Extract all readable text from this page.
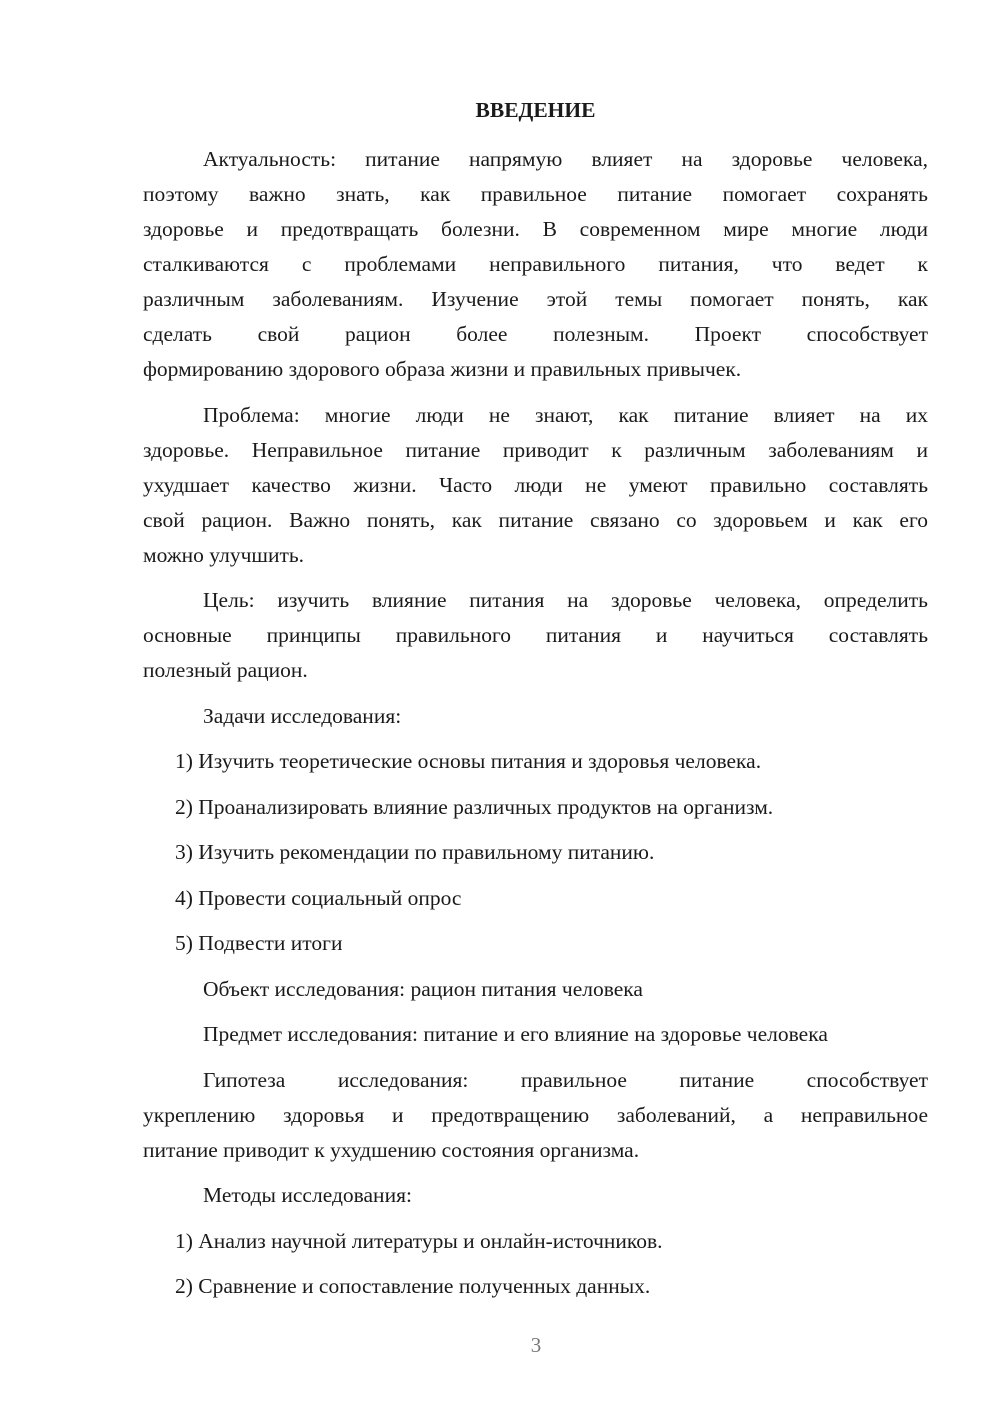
ВВЕДЕНИЕ
Актуальность: питание напрямую влияет на здоровье человека,
поэтому важно знать, как правильное питание помогает сохранять
здоровье и предотвращать болезни. В современном мире многие люди
сталкиваются с проблемами неправильного питания, что ведет к
различным заболеваниям. Изучение этой темы помогает понять, как
сделать свой рацион более полезным. Проект способствует
формированию здорового образа жизни и правильных привычек.
Проблема: многие люди не знают, как питание влияет на их
здоровье. Неправильное питание приводит к различным заболеваниям и
ухудшает качество жизни. Часто люди не умеют правильно составлять
свой рацион. Важно понять, как питание связано со здоровьем и как его
можно улучшить.
Цель: изучить влияние питания на здоровье человека, определить
основные принципы правильного питания и научиться составлять
полезный рацион.
Задачи исследования:
1) Изучить теоретические основы питания и здоровья человека.
2) Проанализировать влияние различных продуктов на организм.
3) Изучить рекомендации по правильному питанию.
4) Провести социальный опрос
5) Подвести итоги
Объект исследования: рацион питания человека
Предмет исследования: питание и его влияние на здоровье человека
Гипотеза исследования: правильное питание способствует
укреплению здоровья и предотвращению заболеваний, а неправильное
питание приводит к ухудшению состояния организма.
Методы исследования:
1) Анализ научной литературы и онлайн-источников.
2) Сравнение и сопоставление полученных данных.
3
